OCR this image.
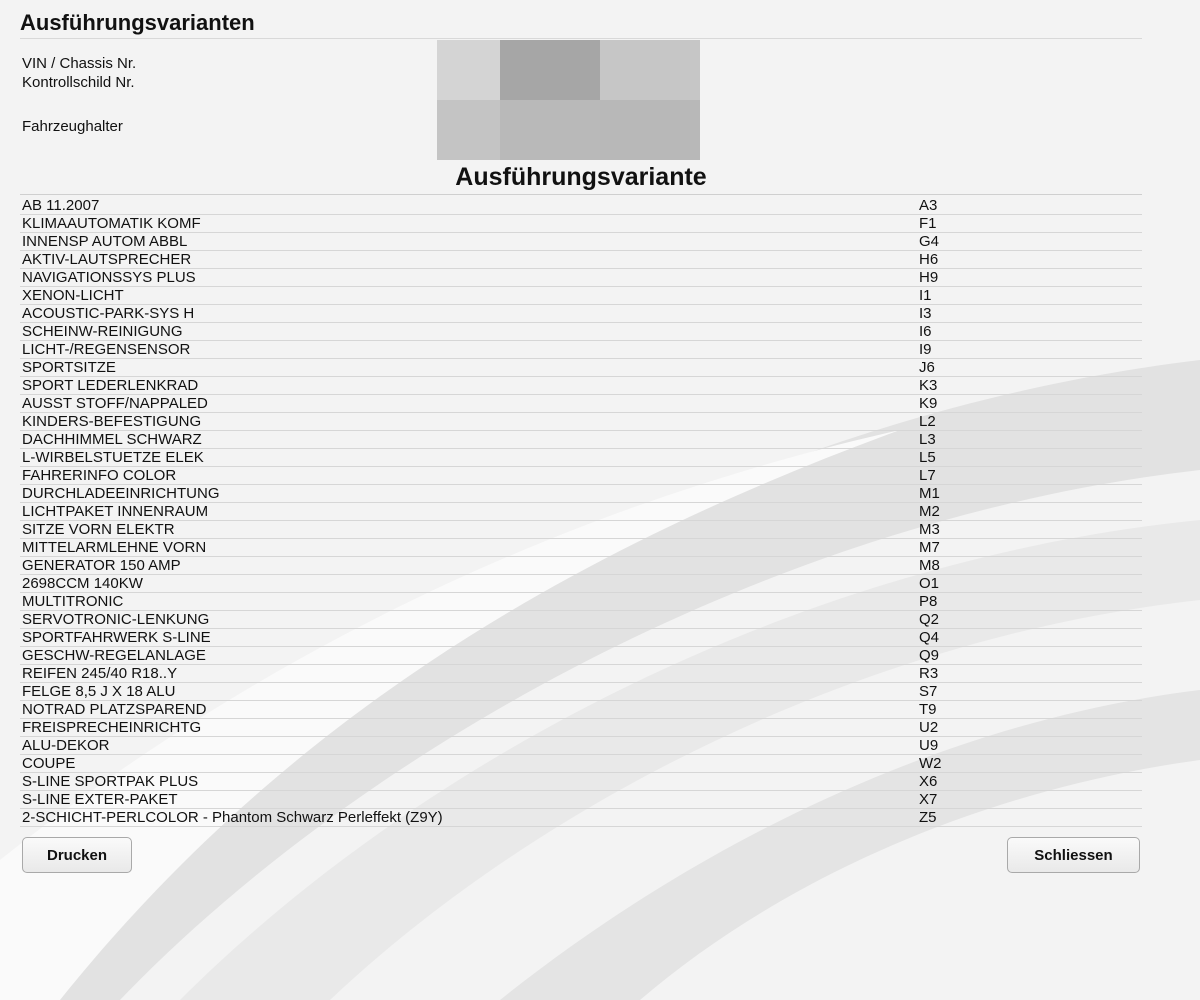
Ausführungsvarianten
VIN / Chassis Nr.
Kontrollschild Nr.
Fahrzeughalter
Ausführungsvariante
AB 11.2007	A3
KLIMAAUTOMATIK KOMF	F1
INNENSP AUTOM ABBL	G4
AKTIV-LAUTSPRECHER	H6
NAVIGATIONSSYS PLUS	H9
XENON-LICHT	I1
ACOUSTIC-PARK-SYS H	I3
SCHEINW-REINIGUNG	I6
LICHT-/REGENSENSOR	I9
SPORTSITZE	J6
SPORT LEDERLENKRAD	K3
AUSST STOFF/NAPPALED	K9
KINDERS-BEFESTIGUNG	L2
DACHHIMMEL SCHWARZ	L3
L-WIRBELSTUETZE ELEK	L5
FAHRERINFO COLOR	L7
DURCHLADEEINRICHTUNG	M1
LICHTPAKET INNENRAUM	M2
SITZE VORN ELEKTR	M3
MITTELARMLEHNE VORN	M7
GENERATOR 150 AMP	M8
2698CCM 140KW	O1
MULTITRONIC	P8
SERVOTRONIC-LENKUNG	Q2
SPORTFAHRWERK S-LINE	Q4
GESCHW-REGELANLAGE	Q9
REIFEN 245/40 R18..Y	R3
FELGE 8,5 J X 18 ALU	S7
NOTRAD PLATZSPAREND	T9
FREISPRECHEINRICHTG	U2
ALU-DEKOR	U9
COUPE	W2
S-LINE SPORTPAK PLUS	X6
S-LINE EXTER-PAKET	X7
2-SCHICHT-PERLCOLOR - Phantom Schwarz Perleffekt (Z9Y)	Z5
Drucken	Schliessen
